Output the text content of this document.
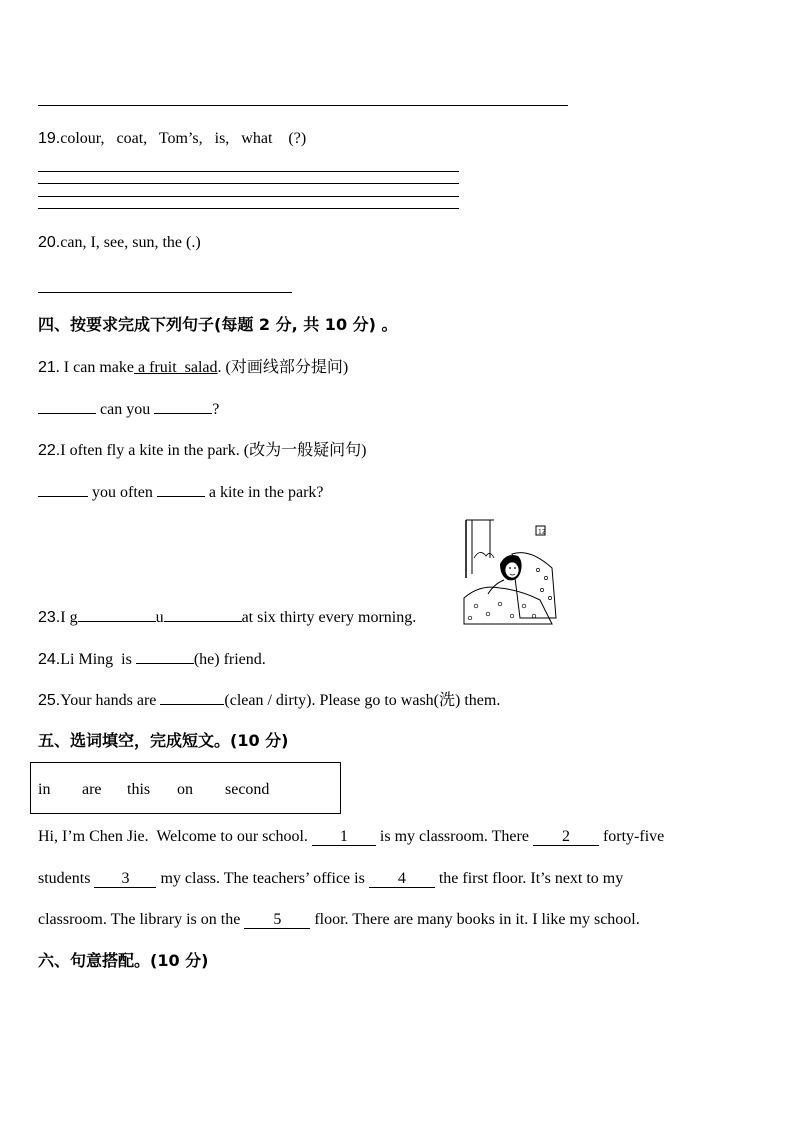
19.colour,   coat,   Tom’s,   is,   what    (?)
20.can, I, see, sun, the (.)
四、按要求完成下列句子(每题 2 分, 共 10 分) 。
21. I can make a fruit  salad. (对画线部分提问)
can you	?
22.I often fly a kite in the park. (改为一般疑问句)
you often	a kite in the park?
12
23.I g	u	at six thirty every morning.
24.Li Ming  is	(he) friend.
25.Your hands are	(clean / dirty). Please go to wash(洗) them.
五、选词填空，完成短文。(10 分)
in are this on second
Hi, I’m Chen Jie.  Welcome to our school. 1 is my classroom. There 2 forty-five
students 3 my class. The teachers’ office is 4 the first floor. It’s next to my
classroom. The library is on the 5 floor. There are many books in it. I like my school.
六、句意搭配。(10 分)
